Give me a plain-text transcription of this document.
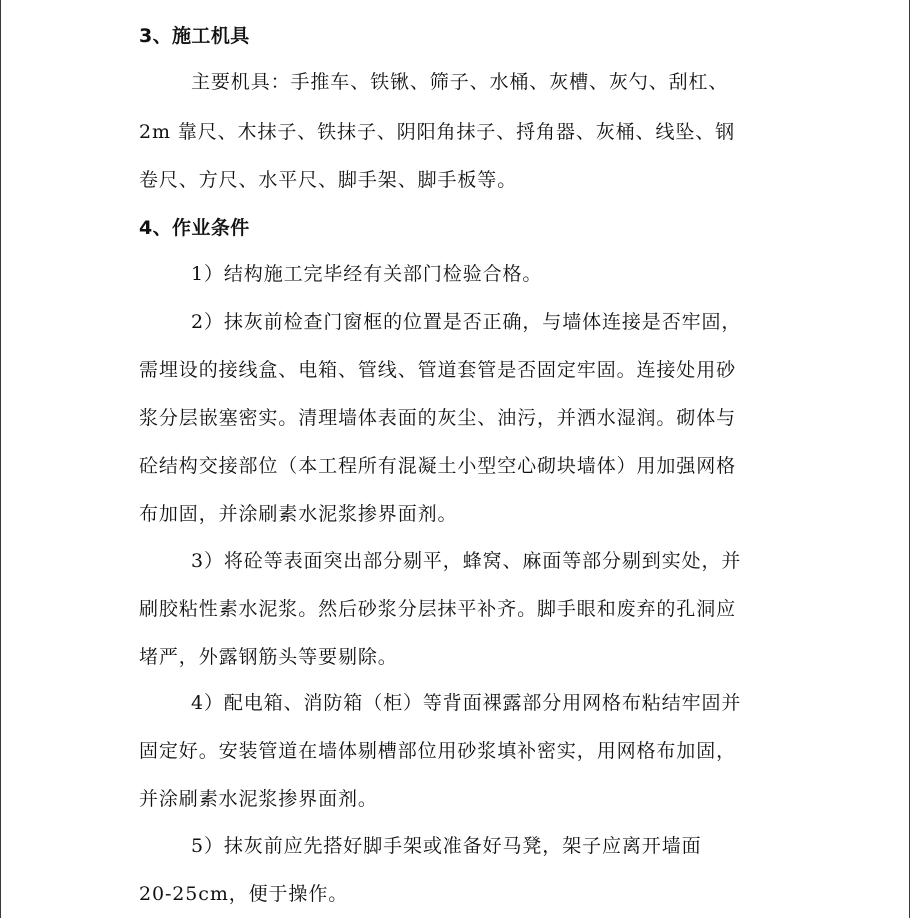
3、施工机具
主要机具：手推车、铁锹、筛子、水桶、灰槽、灰勺、刮杠、
2m 靠尺、木抹子、铁抹子、阴阳角抹子、捋角器、灰桶、线坠、钢
卷尺、方尺、水平尺、脚手架、脚手板等。
4、作业条件
1）结构施工完毕经有关部门检验合格。
2）抹灰前检查门窗框的位置是否正确，与墙体连接是否牢固，
需埋设的接线盒、电箱、管线、管道套管是否固定牢固。连接处用砂
浆分层嵌塞密实。清理墙体表面的灰尘、油污，并洒水湿润。砌体与
砼结构交接部位（本工程所有混凝土小型空心砌块墙体）用加强网格
布加固，并涂刷素水泥浆掺界面剂。
3）将砼等表面突出部分剔平，蜂窝、麻面等部分剔到实处，并
刷胶粘性素水泥浆。然后砂浆分层抹平补齐。脚手眼和废弃的孔洞应
堵严，外露钢筋头等要剔除。
4）配电箱、消防箱（柜）等背面裸露部分用网格布粘结牢固并
固定好。安装管道在墙体剔槽部位用砂浆填补密实，用网格布加固，
并涂刷素水泥浆掺界面剂。
5）抹灰前应先搭好脚手架或准备好马凳，架子应离开墙面
20-25cm，便于操作。
